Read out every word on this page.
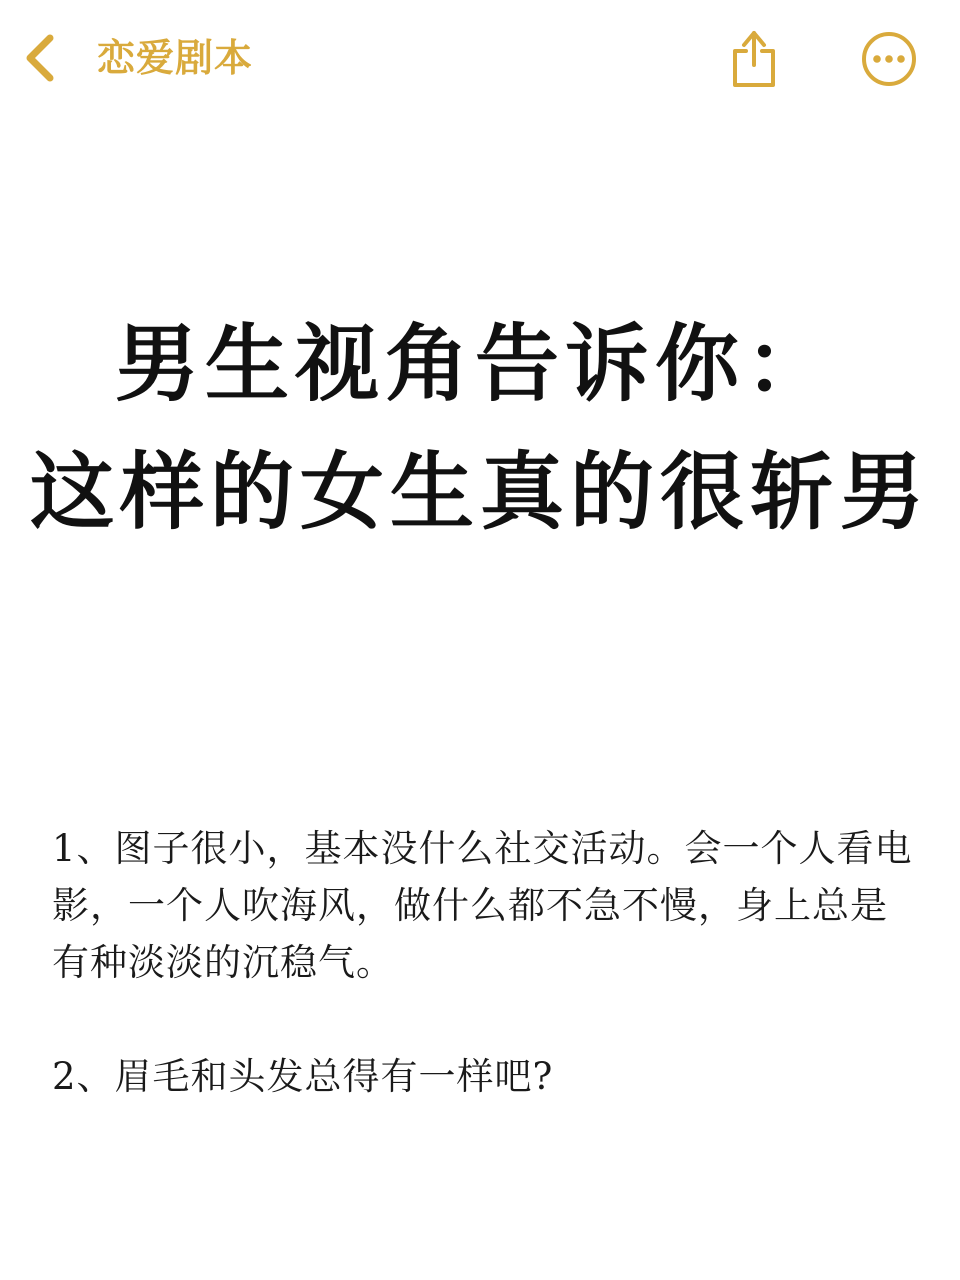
恋爱剧本
男生视角告诉你：
这样的女生真的很斩男

1、图子很小，基本没什么社交活动。会一个人看电影，一个人吹海风，做什么都不急不慢，身上总是有种淡淡的沉稳气。

2、眉毛和头发总得有一样吧?
